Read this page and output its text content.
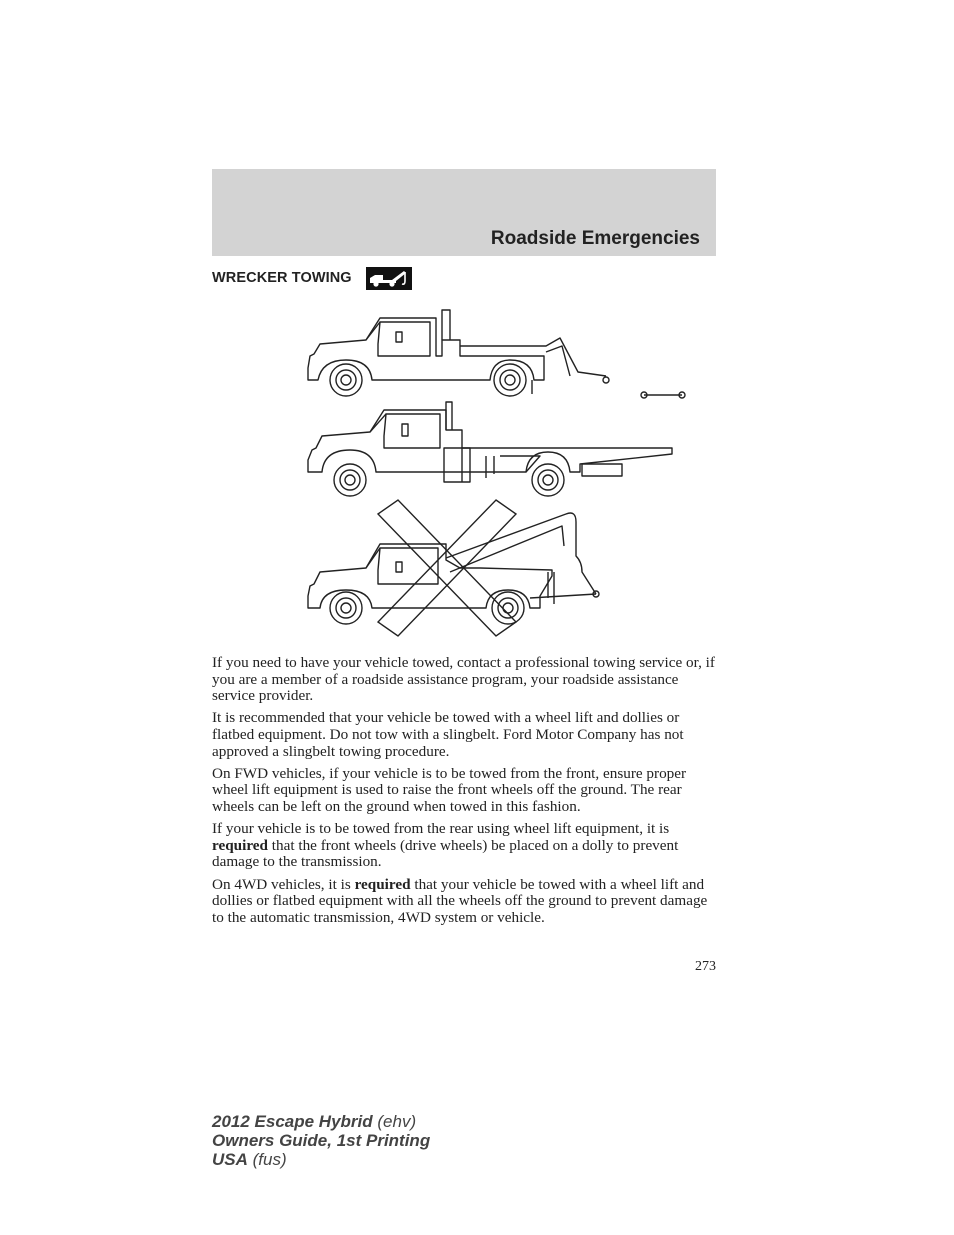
Roadside Emergencies
WRECKER TOWING

If you need to have your vehicle towed, contact a professional towing service or, if you are a member of a roadside assistance program, your roadside assistance service provider.

It is recommended that your vehicle be towed with a wheel lift and dollies or flatbed equipment. Do not tow with a slingbelt. Ford Motor Company has not approved a slingbelt towing procedure.

On FWD vehicles, if your vehicle is to be towed from the front, ensure proper wheel lift equipment is used to raise the front wheels off the ground. The rear wheels can be left on the ground when towed in this fashion.

If your vehicle is to be towed from the rear using wheel lift equipment, it is required that the front wheels (drive wheels) be placed on a dolly to prevent damage to the transmission.

On 4WD vehicles, it is required that your vehicle be towed with a wheel lift and dollies or flatbed equipment with all the wheels off the ground to prevent damage to the automatic transmission, 4WD system or vehicle.

273
2012 Escape Hybrid (ehv)
Owners Guide, 1st Printing
USA (fus)
